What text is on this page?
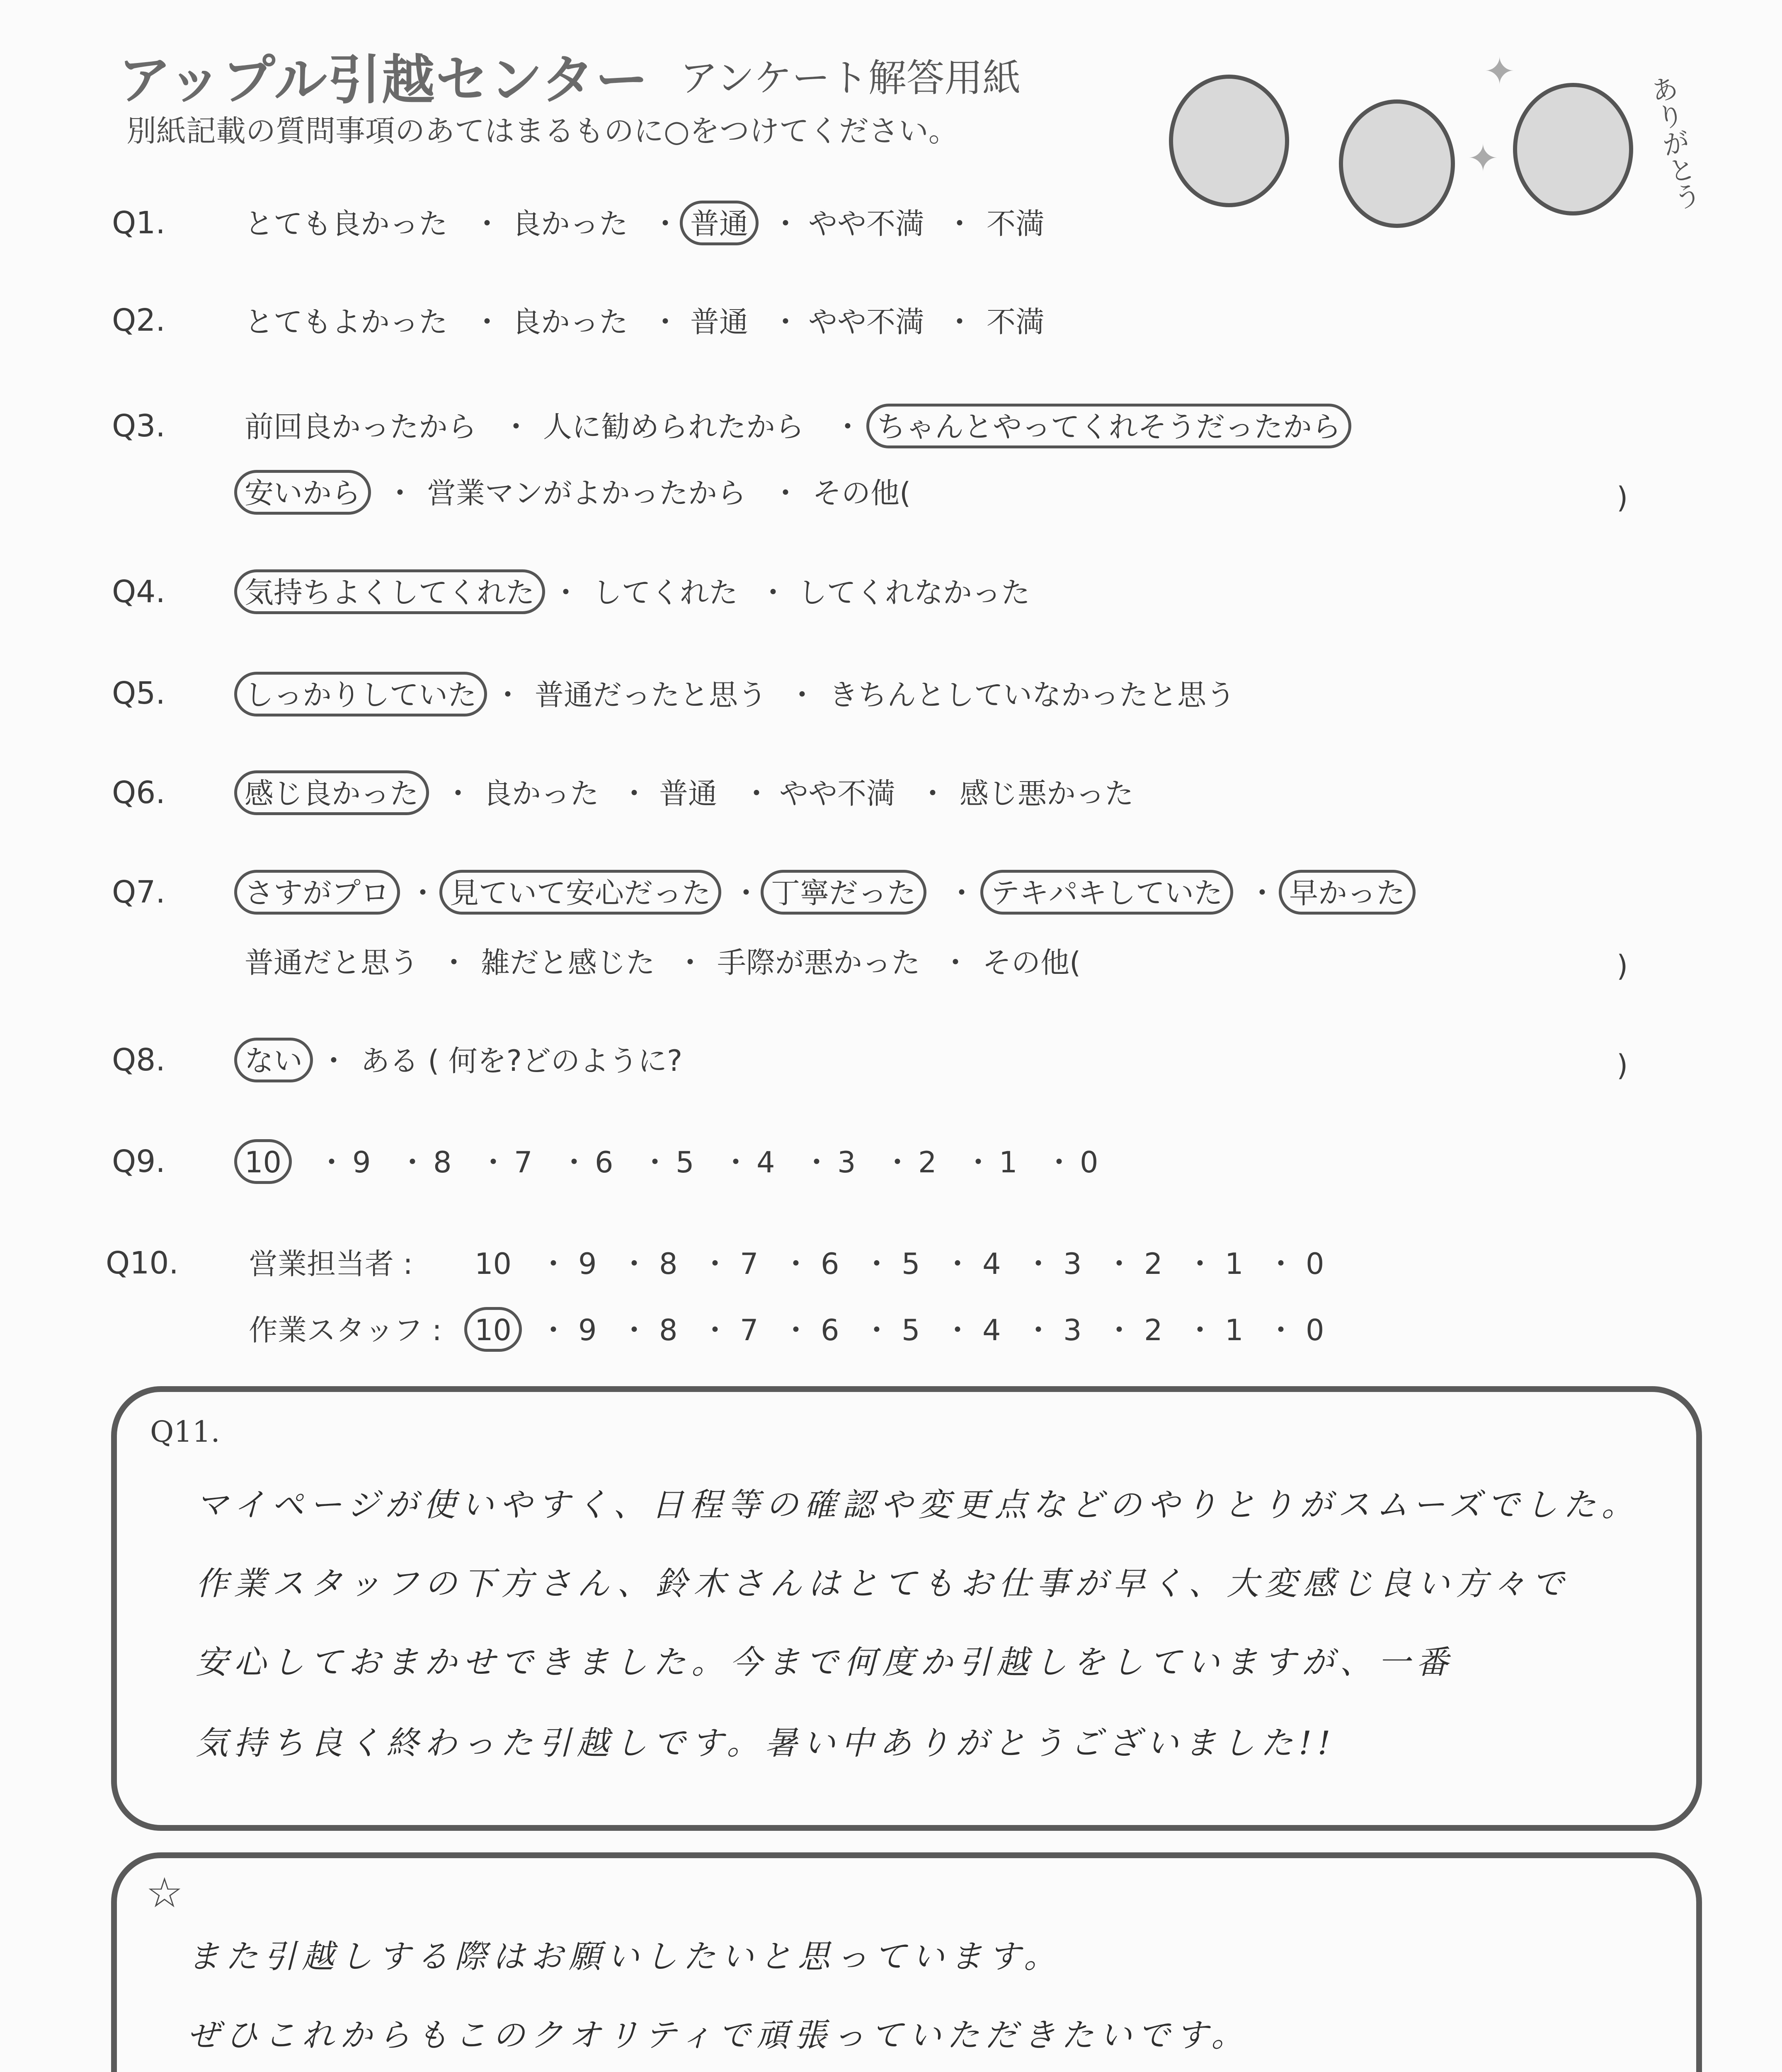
アップル引越センター アンケート解答用紙
別紙記載の質問事項のあてはまるものに○をつけてください。
✦
✦	ありがとう
Q1.	とても良かった ・ 良かった ・ 普通 ・ やや不満 ・ 不満
Q2.	とてもよかった ・ 良かった ・ 普通 ・ やや不満 ・ 不満
Q3.	前回良かったから ・ 人に勧められたから ・ ちゃんとやってくれそうだったから
安いから ・ 営業マンがよかったから ・ その他(	)
Q4.	気持ちよくしてくれた ・ してくれた ・ してくれなかった
Q5.	しっかりしていた ・ 普通だったと思う ・ きちんとしていなかったと思う
Q6.	感じ良かった ・ 良かった ・ 普通 ・ やや不満 ・ 感じ悪かった
Q7.	さすがプロ ・ 見ていて安心だった ・ 丁寧だった	・ テキパキしていた ・ 早かった
普通だと思う ・ 雑だと感じた ・ 手際が悪かった ・ その他(	)
Q8.	ない ・ ある ( 何を?どのように?	)
Q9.	10	・ 9 ・ 8 ・ 7 ・ 6 ・ 5 ・ 4 ・ 3 ・ 2 ・ 1 ・ 0
Q10. 営業担当者 : 10 ・ 9 ・ 8 ・ 7 ・ 6 ・ 5 ・ 4 ・ 3 ・ 2 ・ 1 ・ 0
作業スタッフ :	10 ・ 9 ・ 8 ・ 7 ・ 6 ・ 5 ・ 4 ・ 3 ・ 2 ・ 1 ・ 0
Q11.
マイページが使いやすく、日程等の確認や変更点などのやりとりがスムーズでした。
作業スタッフの下方さん、鈴木さんはとてもお仕事が早く、大変感じ良い方々で
安心しておまかせできました。今まで何度か引越しをしていますが、一番
気持ち良く終わった引越しです。暑い中ありがとうございました!!
☆
また引越しする際はお願いしたいと思っています。
ぜひこれからもこのクオリティで頑張っていただきたいです。
